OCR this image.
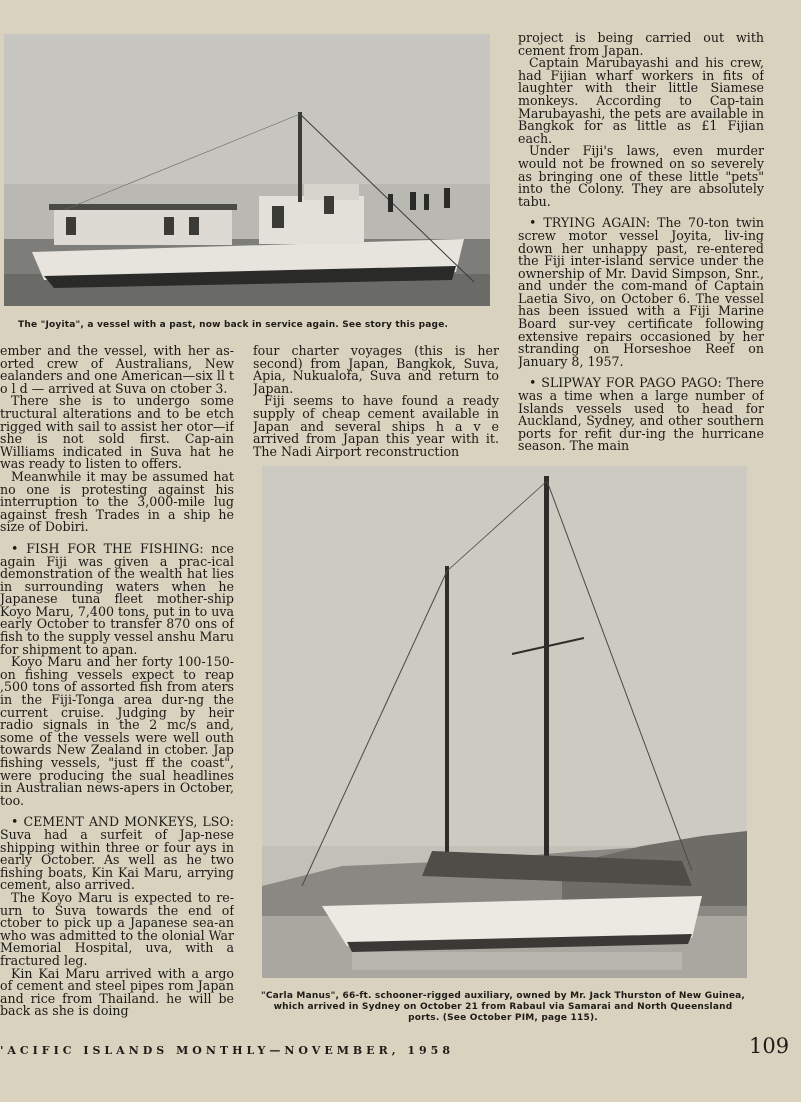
The "Joyita", a vessel with a past, now back in service again. See story this page.

ember and the vessel, with her as-orted crew of Australians, New ealanders and one American—six ll t o l d — arrived at Suva on ctober 3.

There she is to undergo some tructural alterations and to be etch rigged with sail to assist her otor—if she is not sold first. Cap-ain Williams indicated in Suva hat he was ready to listen to offers.

Meanwhile it may be assumed hat no one is protesting against his interruption to the 3,000-mile lug against fresh Trades in a ship he size of Dobiri.

• FISH FOR THE FISHING: nce again Fiji was given a prac-ical demonstration of the wealth hat lies in surrounding waters when he Japanese tuna fleet mother-ship Koyo Maru, 7,400 tons, put in to uva early October to transfer 870 ons of fish to the supply vessel anshu Maru for shipment to apan.

Koyo Maru and her forty 100-150-on fishing vessels expect to reap ,500 tons of assorted fish from aters in the Fiji-Tonga area dur-ng the current cruise. Judging by heir radio signals in the 2 mc/s and, some of the vessels were well outh towards New Zealand in ctober. Jap fishing vessels, "just ff the coast", were producing the sual headlines in Australian news-apers in October, too.

• CEMENT AND MONKEYS, LSO: Suva had a surfeit of Jap-nese shipping within three or four ays in early October. As well as he two fishing boats, Kin Kai Maru, arrying cement, also arrived.

The Koyo Maru is expected to re-urn to Suva towards the end of ctober to pick up a Japanese sea-an who was admitted to the olonial War Memorial Hospital, uva, with a fractured leg.

Kin Kai Maru arrived with a argo of cement and steel pipes rom Japan and rice from Thailand. he will be back as she is doing

four charter voyages (this is her second) from Japan, Bangkok, Suva, Apia, Nukualofa, Suva and return to Japan.

Fiji seems to have found a ready supply of cheap cement available in Japan and several ships h a v e arrived from Japan this year with it. The Nadi Airport reconstruction

project is being carried out with cement from Japan.

Captain Marubayashi and his crew, had Fijian wharf workers in fits of laughter with their little Siamese monkeys. According to Cap-tain Marubayashi, the pets are available in Bangkok for as little as £1 Fijian each.

Under Fiji's laws, even murder would not be frowned on so severely as bringing one of these little "pets" into the Colony. They are absolutely tabu.

• TRYING AGAIN: The 70-ton twin screw motor vessel Joyita, liv-ing down her unhappy past, re-entered the Fiji inter-island service under the ownership of Mr. David Simpson, Snr., and under the com-mand of Captain Laetia Sivo, on October 6. The vessel has been issued with a Fiji Marine Board sur-vey certificate following extensive repairs occasioned by her stranding on Horseshoe Reef on January 8, 1957.

• SLIPWAY FOR PAGO PAGO: There was a time when a large number of Islands vessels used to head for Auckland, Sydney, and other southern ports for refit dur-ing the hurricane season. The main

"Carla Manus", 66-ft. schooner-rigged auxiliary, owned by Mr. Jack Thurston of New Guinea, which arrived in Sydney on October 21 from Rabaul via Samarai and North Queensland ports. (See October PIM, page 115).
'ACIFIC ISLANDS MONTHLY—NOVEMBER, 1958	109
